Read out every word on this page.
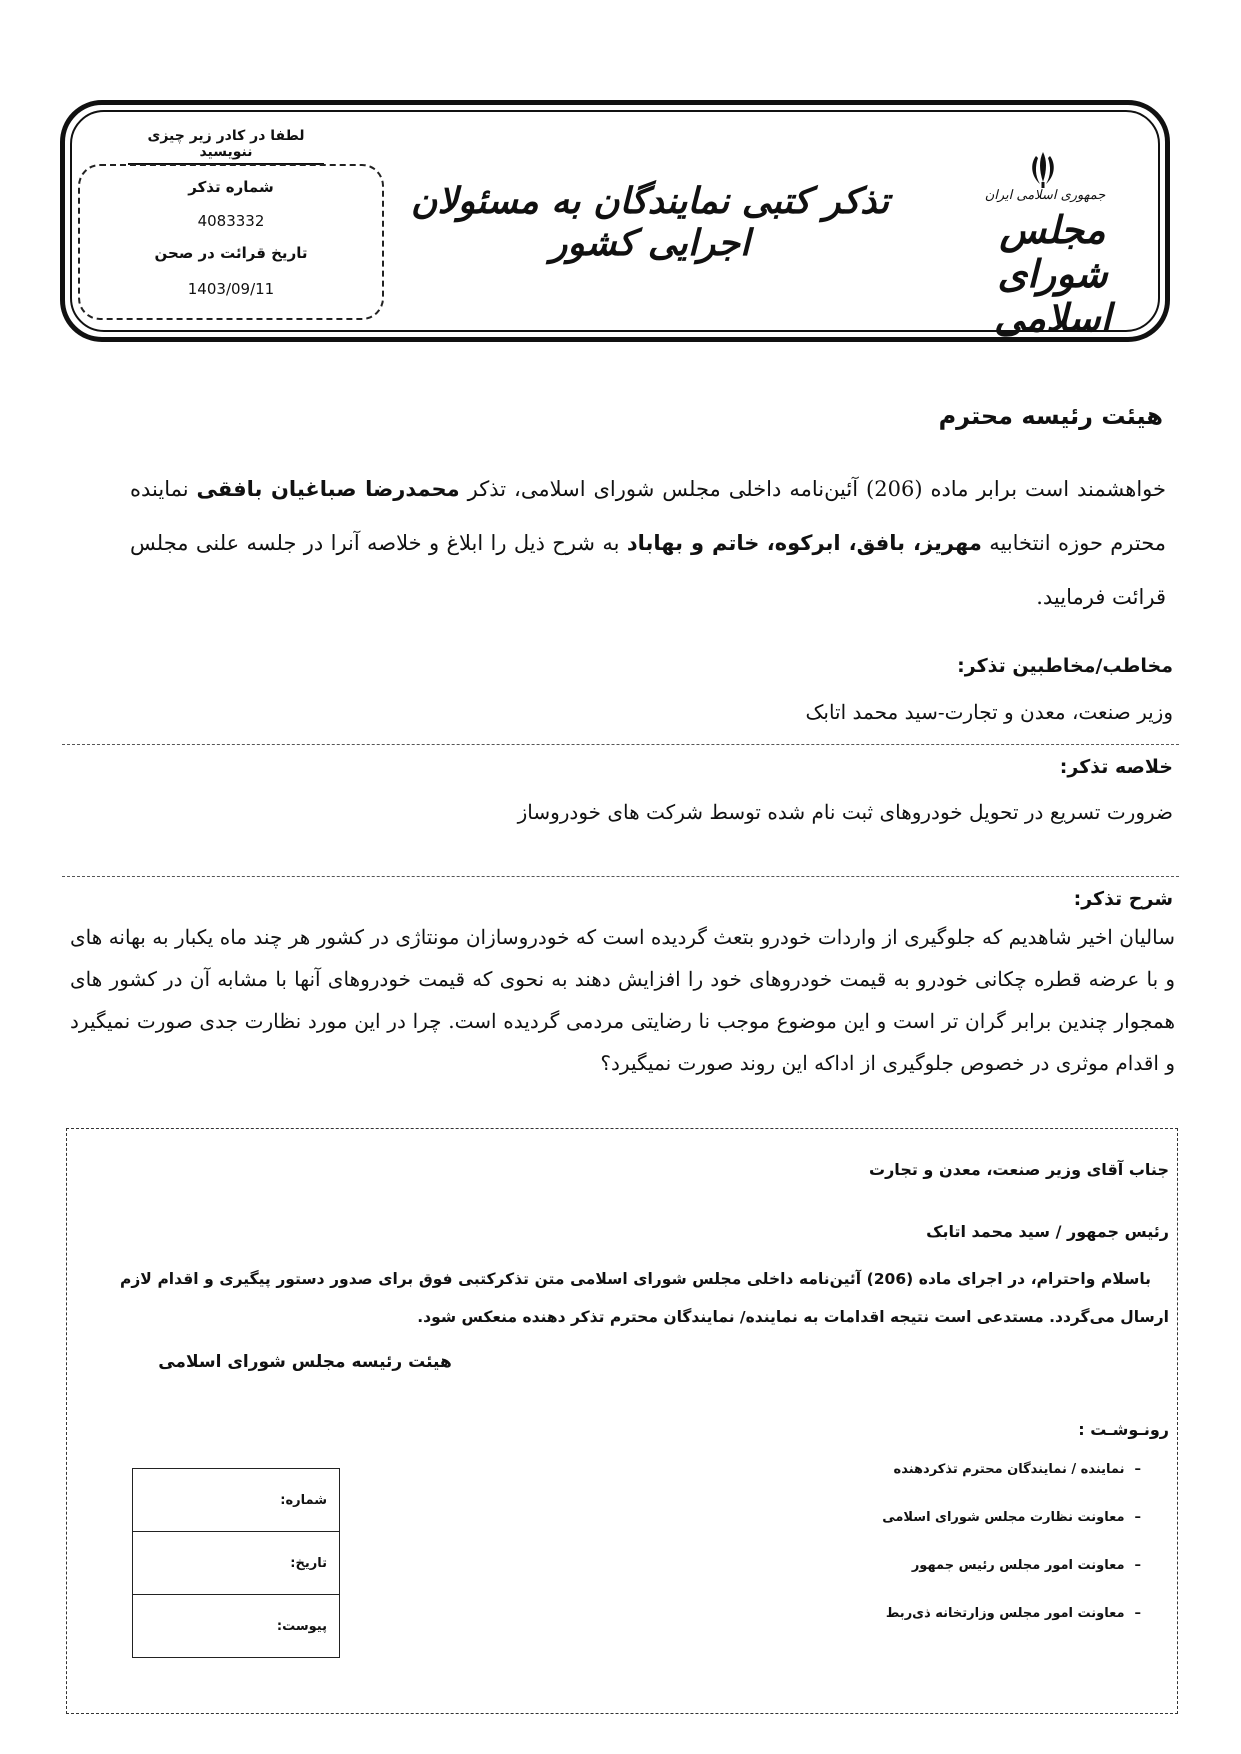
لطفا در کادر زیر چیزی ننویسید
شماره تذکر
4083332
تاریخ قرائت در صحن
1403/09/11
تذکر کتبی نمایندگان به مسئولان اجرایی کشور
جمهوری اسلامی ایران
مجلس شورای اسلامی
هیئت رئیسه محترم
خواهشمند است برابر ماده (206) آئین‌نامه داخلی مجلس شورای اسلامی، تذکر محمدرضا صباغیان بافقی نماینده محترم حوزه انتخابیه مهریز، بافق، ابرکوه، خاتم و بهاباد به شرح ذیل را ابلاغ و خلاصه آنرا در جلسه علنی مجلس قرائت فرمایید.
مخاطب/مخاطبین تذکر:
وزیر صنعت، معدن و تجارت-سید محمد اتابک
خلاصه تذکر:
ضرورت تسریع در تحویل خودروهای ثبت نام شده توسط شرکت های خودروساز
شرح تذکر:
سالیان اخیر شاهدیم که جلوگیری از واردات خودرو بتعث گردیده است که خودروسازان مونتاژی در کشور هر چند ماه یکبار به بهانه های و با عرضه قطره چکانی خودرو به قیمت خودروهای خود را افزایش دهند به نحوی که قیمت خودروهای آنها با مشابه آن در کشور های همجوار چندین برابر گران تر است و این موضوع موجب نا رضایتی مردمی گردیده است. چرا در این مورد نظارت جدی صورت نمیگیرد و اقدام موثری در خصوص جلوگیری از اداکه این روند صورت نمیگیرد؟
جناب آقای وزیر صنعت، معدن و تجارت
رئیس جمهور / سید محمد اتابک
باسلام واحترام، در اجرای ماده (206) آئین‌نامه داخلی مجلس شورای اسلامی متن تذکرکتبی فوق برای صدور دستور پیگیری و اقدام لازم ارسال می‌گردد. مستدعی است نتیجه اقدامات به نماینده/ نمایندگان محترم تذکر دهنده منعکس شود.
هیئت رئیسه مجلس شورای اسلامی
رونـوشـت :
–نماینده / نمایندگان محترم تذکردهنده
–معاونت نظارت مجلس شورای اسلامی
–معاونت امور مجلس رئیس جمهور
–معاونت امور مجلس وزارتخانه ذی‌ربط
شماره:
تاریخ:
پیوست:
